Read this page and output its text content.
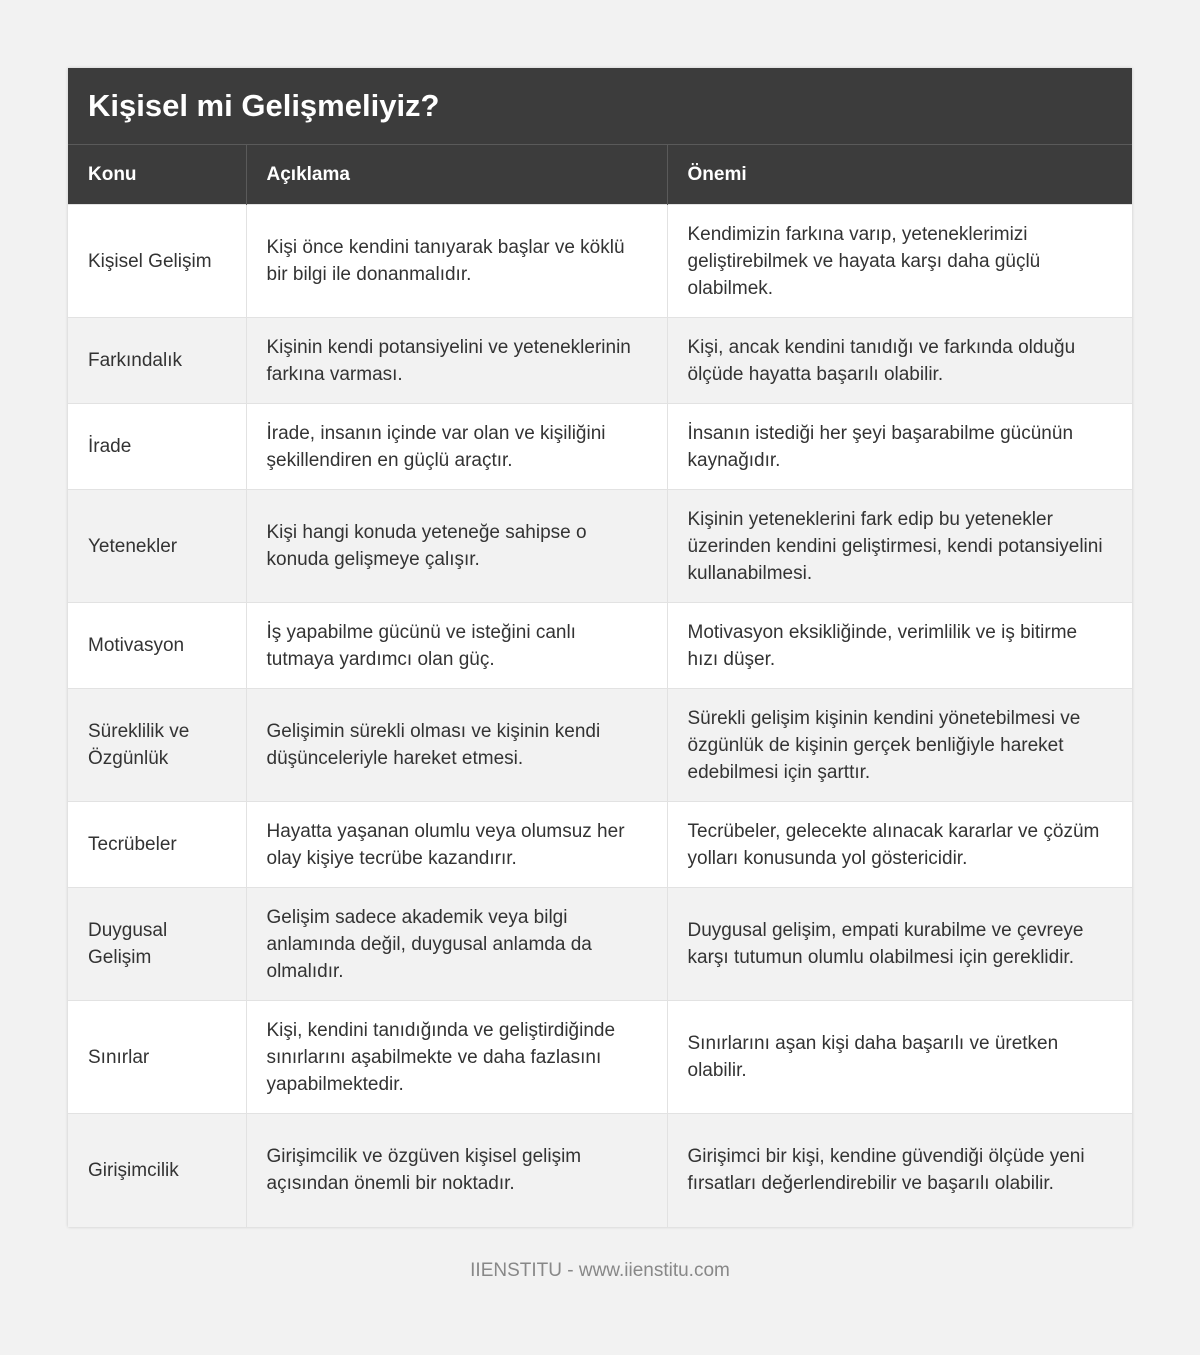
Kişisel mi Gelişmeliyiz?
Konu	Açıklama	Önemi
Kişisel Gelişim	Kişi önce kendini tanıyarak başlar ve köklü bir bilgi ile donanmalıdır.	Kendimizin farkına varıp, yeteneklerimizi geliştirebilmek ve hayata karşı daha güçlü olabilmek.
Farkındalık	Kişinin kendi potansiyelini ve yeteneklerinin farkına varması.	Kişi, ancak kendini tanıdığı ve farkında olduğu ölçüde hayatta başarılı olabilir.
İrade	İrade, insanın içinde var olan ve kişiliğini şekillendiren en güçlü araçtır.	İnsanın istediği her şeyi başarabilme gücünün kaynağıdır.
Yetenekler	Kişi hangi konuda yeteneğe sahipse o konuda gelişmeye çalışır.	Kişinin yeteneklerini fark edip bu yetenekler üzerinden kendini geliştirmesi, kendi potansiyelini kullanabilmesi.
Motivasyon	İş yapabilme gücünü ve isteğini canlı tutmaya yardımcı olan güç.	Motivasyon eksikliğinde, verimlilik ve iş bitirme hızı düşer.
Süreklilik ve Özgünlük	Gelişimin sürekli olması ve kişinin kendi düşünceleriyle hareket etmesi.	Sürekli gelişim kişinin kendini yönetebilmesi ve özgünlük de kişinin gerçek benliğiyle hareket edebilmesi için şarttır.
Tecrübeler	Hayatta yaşanan olumlu veya olumsuz her olay kişiye tecrübe kazandırır.	Tecrübeler, gelecekte alınacak kararlar ve çözüm yolları konusunda yol göstericidir.
Duygusal Gelişim	Gelişim sadece akademik veya bilgi anlamında değil, duygusal anlamda da olmalıdır.	Duygusal gelişim, empati kurabilme ve çevreye karşı tutumun olumlu olabilmesi için gereklidir.
Sınırlar	Kişi, kendini tanıdığında ve geliştirdiğinde sınırlarını aşabilmekte ve daha fazlasını yapabilmektedir.	Sınırlarını aşan kişi daha başarılı ve üretken olabilir.
Girişimcilik	Girişimcilik ve özgüven kişisel gelişim açısından önemli bir noktadır.	Girişimci bir kişi, kendine güvendiği ölçüde yeni fırsatları değerlendirebilir ve başarılı olabilir.
IIENSTITU - www.iienstitu.com
